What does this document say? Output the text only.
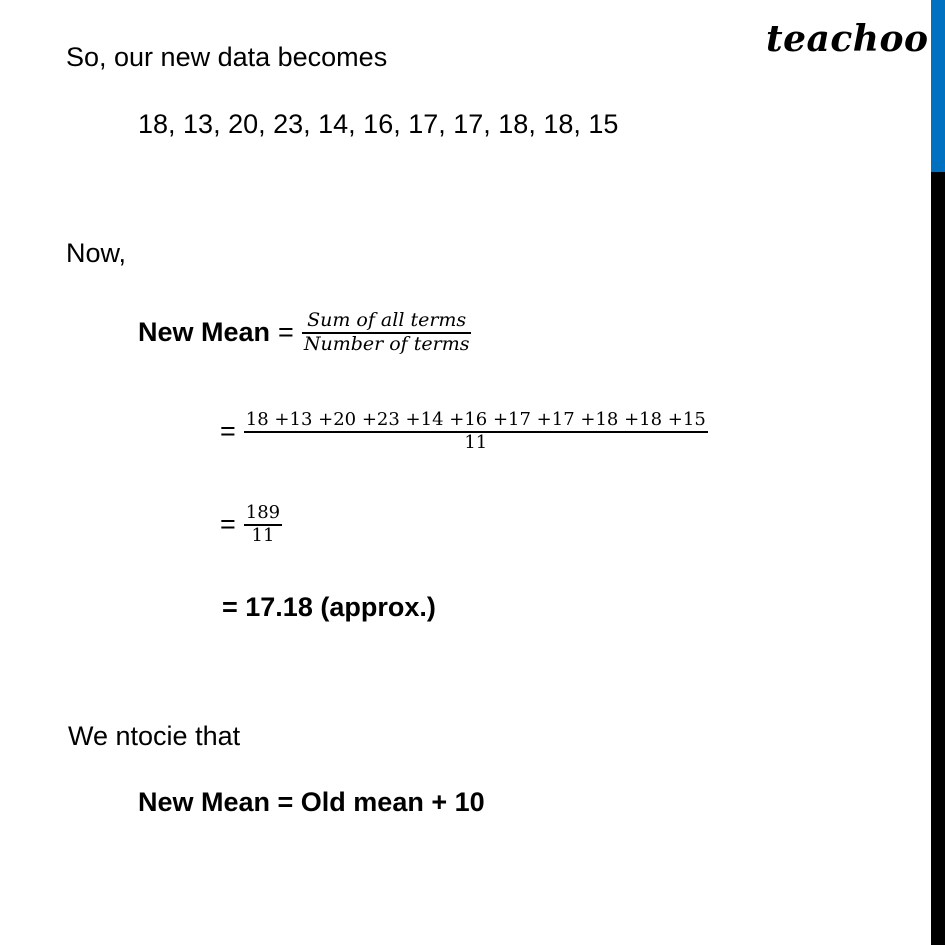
teachoo
So, our new data becomes
18, 13, 20, 23, 14, 16, 17, 17, 18, 18, 15
Now,
New Mean = $\frac{\text{Sum of all terms}}{\text{Number of terms}}$
= $\frac{18 +13 +20 +23 +14 +16 +17 +17 +18 +18 +15}{11}$
= $\frac{189}{11}$
= 17.18 (approx.)
We ntocie that
New Mean = Old mean + 10
